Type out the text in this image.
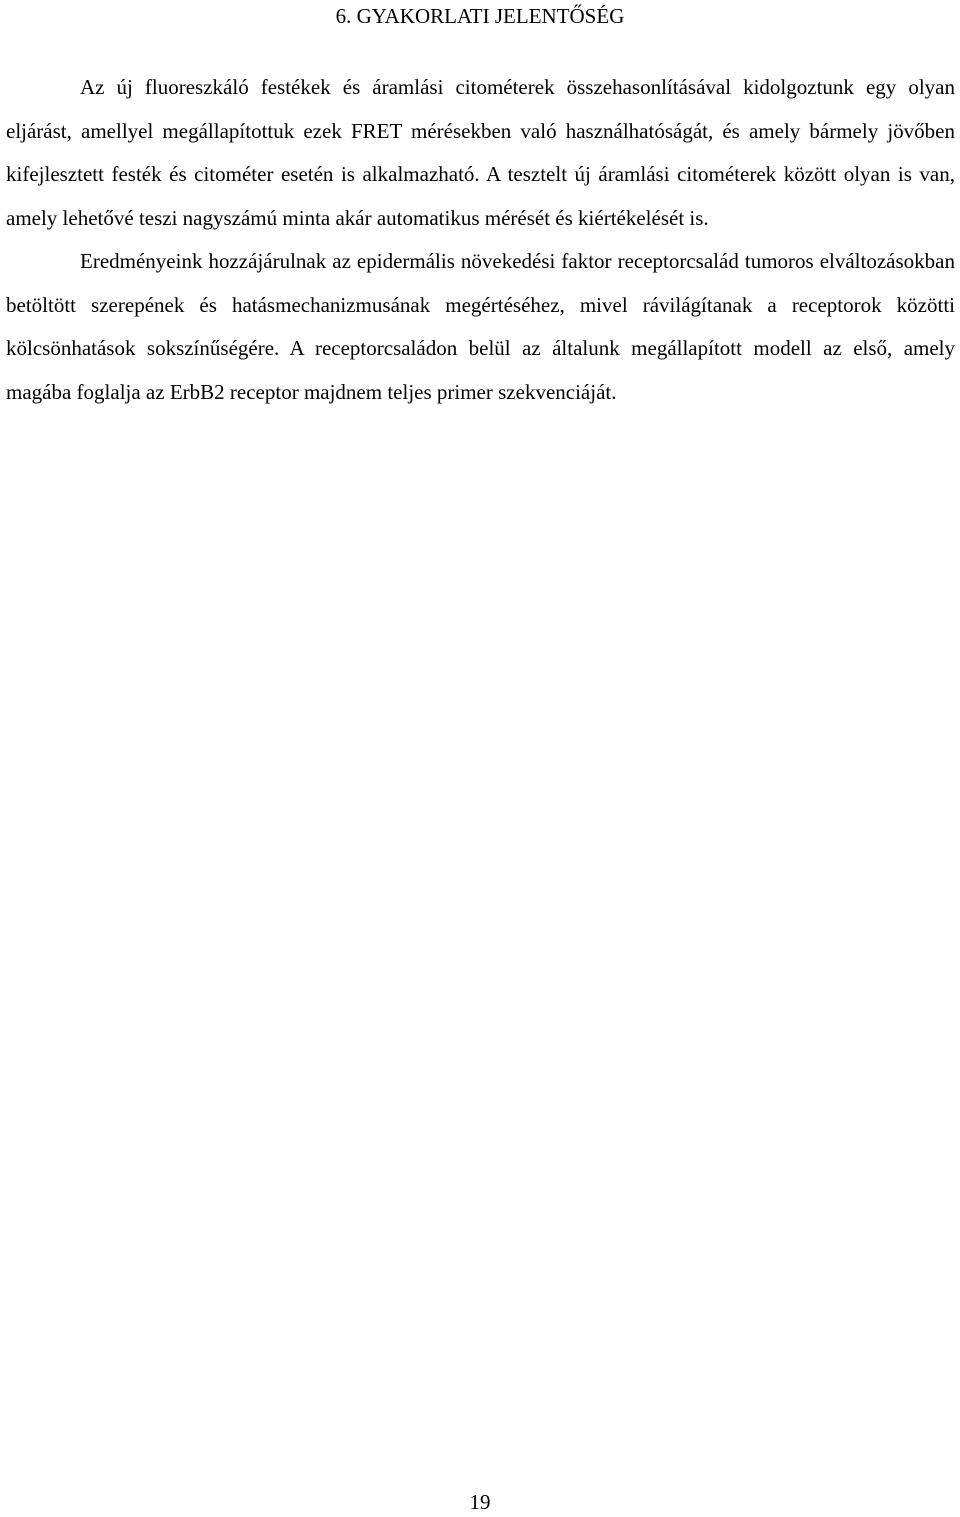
6. GYAKORLATI JELENTŐSÉG

Az új fluoreszkáló festékek és áramlási citométerek összehasonlításával kidolgoztunk egy olyan eljárást, amellyel megállapítottuk ezek FRET mérésekben való használhatóságát, és amely bármely jövőben kifejlesztett festék és citométer esetén is alkalmazható. A tesztelt új áramlási citométerek között olyan is van, amely lehetővé teszi nagyszámú minta akár automatikus mérését és kiértékelését is.

Eredményeink hozzájárulnak az epidermális növekedési faktor receptorcsalád tumoros elváltozásokban betöltött szerepének és hatásmechanizmusának megértéséhez, mivel rávilágítanak a receptorok közötti kölcsönhatások sokszínűségére. A receptorcsaládon belül az általunk megállapított modell az első, amely magába foglalja az ErbB2 receptor majdnem teljes primer szekvenciáját.

19
